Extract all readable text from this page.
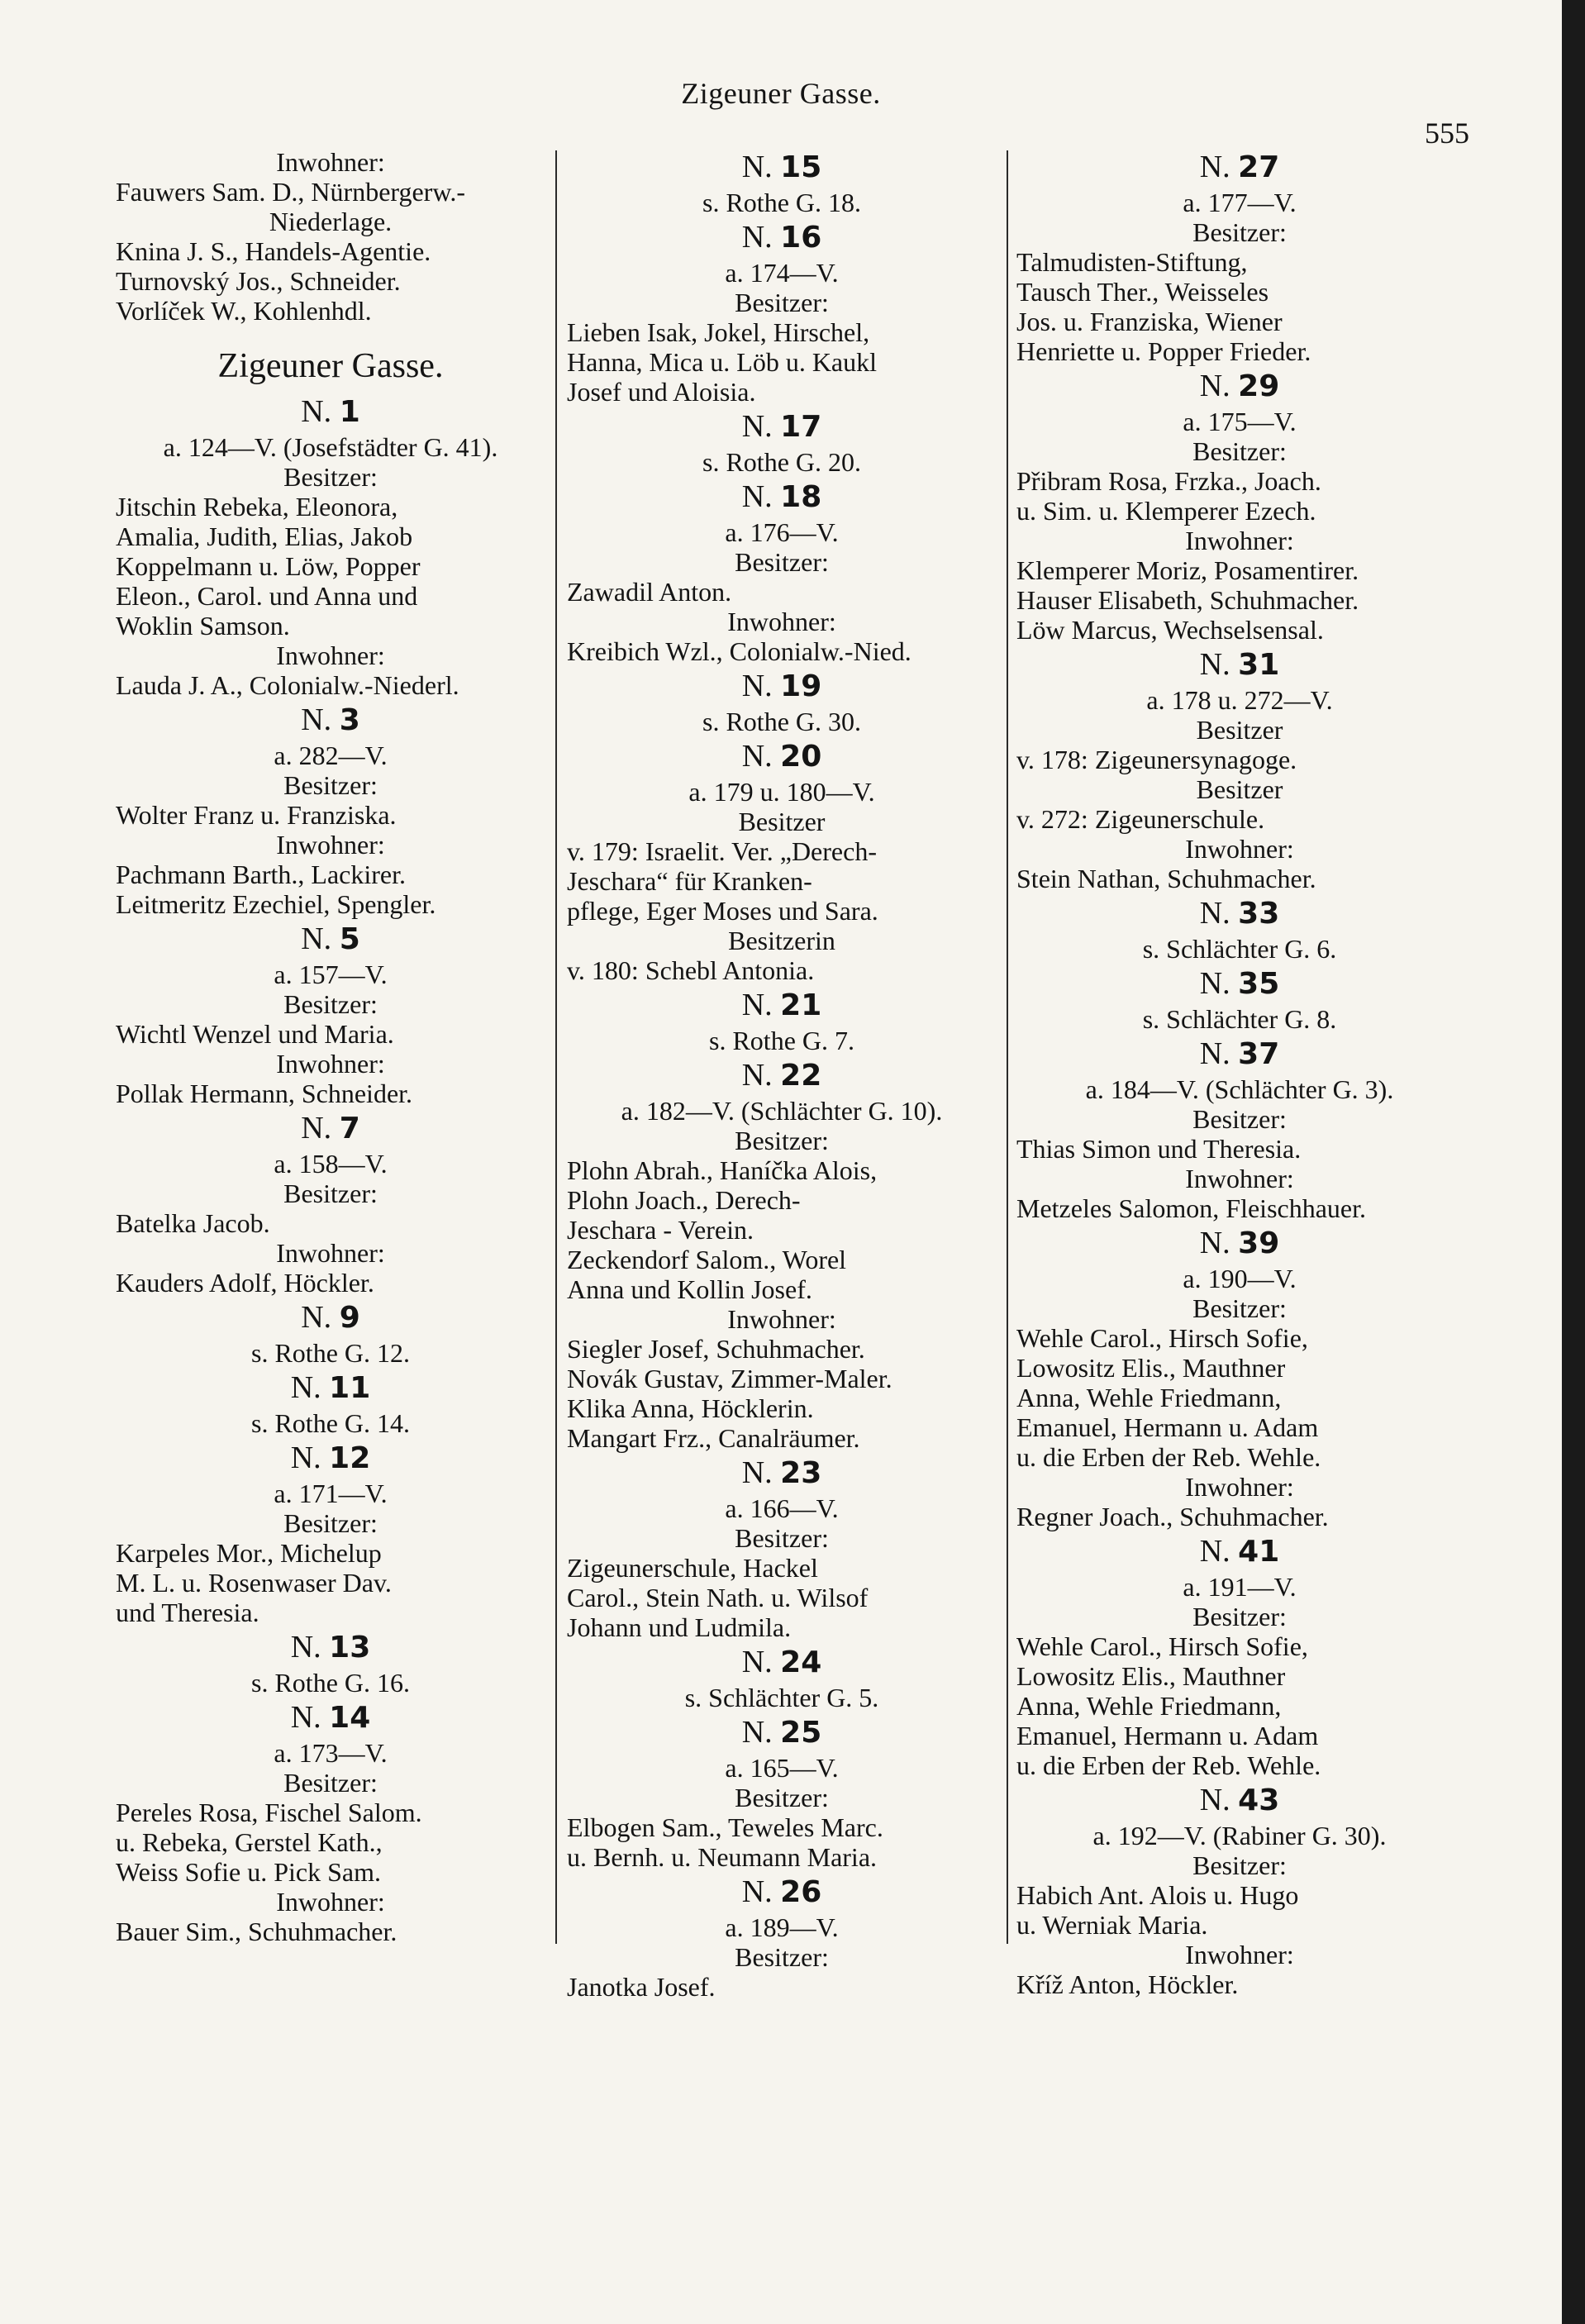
Zigeuner Gasse.
555
Inwohner:
Fauwers Sam. D., Nürnbergerw.-
Niederlage.
Knina J. S., Handels-Agentie.
Turnovský Jos., Schneider.
Vorlíček W., Kohlenhdl.
Zigeuner Gasse.
N. 1
a. 124—V. (Josefstädter G. 41).
Besitzer:
Jitschin Rebeka, Eleonora,
Amalia, Judith, Elias, Jakob
Koppelmann u. Löw, Popper
Eleon., Carol. und Anna und
Woklin Samson.
Inwohner:
Lauda J. A., Colonialw.-Niederl.
N. 3
a. 282—V.
Besitzer:
Wolter Franz u. Franziska.
Inwohner:
Pachmann Barth., Lackirer.
Leitmeritz Ezechiel, Spengler.
N. 5
a. 157—V.
Besitzer:
Wichtl Wenzel und Maria.
Inwohner:
Pollak Hermann, Schneider.
N. 7
a. 158—V.
Besitzer:
Batelka Jacob.
Inwohner:
Kauders Adolf, Höckler.
N. 9
s. Rothe G. 12.
N. 11
s. Rothe G. 14.
N. 12
a. 171—V.
Besitzer:
Karpeles Mor., Michelup
M. L. u. Rosenwaser Dav.
und Theresia.
N. 13
s. Rothe G. 16.
N. 14
a. 173—V.
Besitzer:
Pereles Rosa, Fischel Salom.
u. Rebeka, Gerstel Kath.,
Weiss Sofie u. Pick Sam.
Inwohner:
Bauer Sim., Schuhmacher.
N. 15
s. Rothe G. 18.
N. 16
a. 174—V.
Besitzer:
Lieben Isak, Jokel, Hirschel,
Hanna, Mica u. Löb u. Kaukl
Josef und Aloisia.
N. 17
s. Rothe G. 20.
N. 18
a. 176—V.
Besitzer:
Zawadil Anton.
Inwohner:
Kreibich Wzl., Colonialw.-Nied.
N. 19
s. Rothe G. 30.
N. 20
a. 179 u. 180—V.
Besitzer
v. 179: Israelit. Ver. „Derech-
Jeschara“ für Kranken-
pflege, Eger Moses und Sara.
Besitzerin
v. 180: Schebl Antonia.
N. 21
s. Rothe G. 7.
N. 22
a. 182—V. (Schlächter G. 10).
Besitzer:
Plohn Abrah., Haníčka Alois,
Plohn Joach., Derech-
Jeschara - Verein.
Zeckendorf Salom., Worel
Anna und Kollin Josef.
Inwohner:
Siegler Josef, Schuhmacher.
Novák Gustav, Zimmer-Maler.
Klika Anna, Höcklerin.
Mangart Frz., Canalräumer.
N. 23
a. 166—V.
Besitzer:
Zigeunerschule, Hackel
Carol., Stein Nath. u. Wilsof
Johann und Ludmila.
N. 24
s. Schlächter G. 5.
N. 25
a. 165—V.
Besitzer:
Elbogen Sam., Teweles Marc.
u. Bernh. u. Neumann Maria.
N. 26
a. 189—V.
Besitzer:
Janotka Josef.
N. 27
a. 177—V.
Besitzer:
Talmudisten-Stiftung,
Tausch Ther., Weisseles
Jos. u. Franziska, Wiener
Henriette u. Popper Frieder.
N. 29
a. 175—V.
Besitzer:
Přibram Rosa, Frzka., Joach.
u. Sim. u. Klemperer Ezech.
Inwohner:
Klemperer Moriz, Posamentirer.
Hauser Elisabeth, Schuhmacher.
Löw Marcus, Wechselsensal.
N. 31
a. 178 u. 272—V.
Besitzer
v. 178: Zigeunersynagoge.
Besitzer
v. 272: Zigeunerschule.
Inwohner:
Stein Nathan, Schuhmacher.
N. 33
s. Schlächter G. 6.
N. 35
s. Schlächter G. 8.
N. 37
a. 184—V. (Schlächter G. 3).
Besitzer:
Thias Simon und Theresia.
Inwohner:
Metzeles Salomon, Fleischhauer.
N. 39
a. 190—V.
Besitzer:
Wehle Carol., Hirsch Sofie,
Lowositz Elis., Mauthner
Anna, Wehle Friedmann,
Emanuel, Hermann u. Adam
u. die Erben der Reb. Wehle.
Inwohner:
Regner Joach., Schuhmacher.
N. 41
a. 191—V.
Besitzer:
Wehle Carol., Hirsch Sofie,
Lowositz Elis., Mauthner
Anna, Wehle Friedmann,
Emanuel, Hermann u. Adam
u. die Erben der Reb. Wehle.
N. 43
a. 192—V. (Rabiner G. 30).
Besitzer:
Habich Ant. Alois u. Hugo
u. Werniak Maria.
Inwohner:
Kříž Anton, Höckler.
